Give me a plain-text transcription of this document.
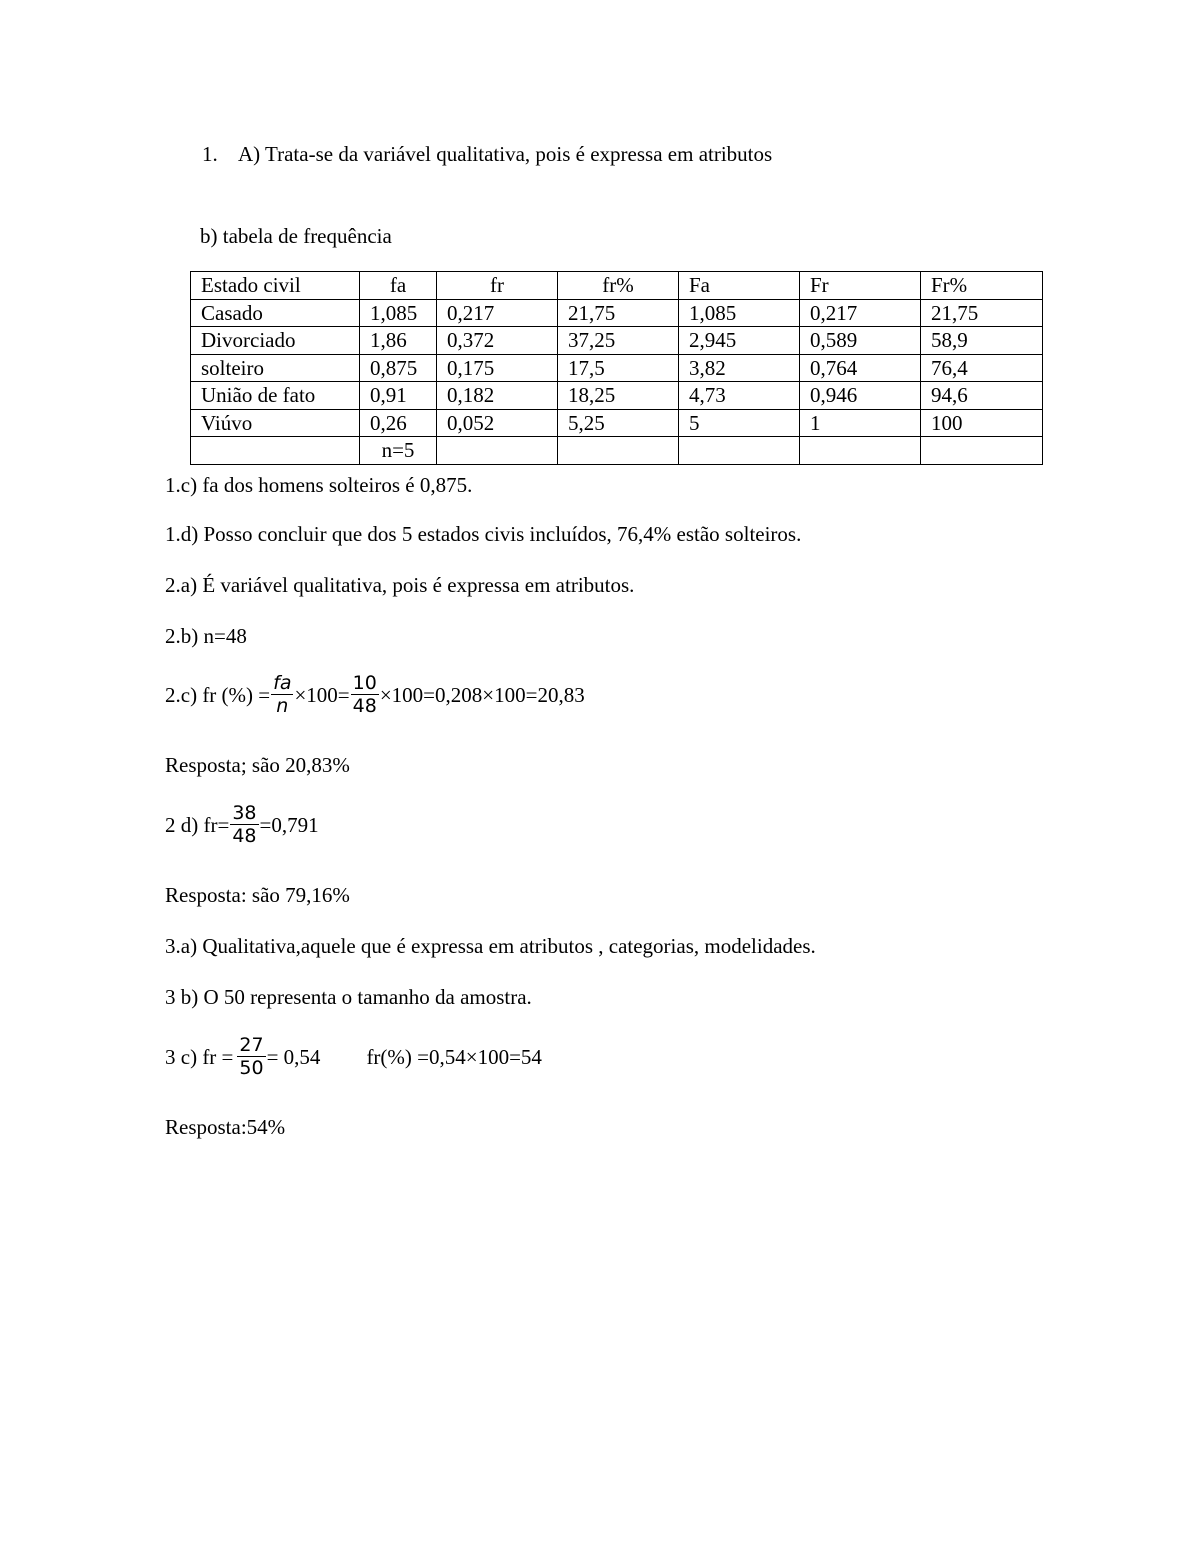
1. A) Trata-se da variável qualitativa, pois é expressa em atributos
b) tabela de frequência
Estado civil	fa	fr	fr%	Fa	Fr	Fr%
Casado	1,085	0,217	21,75	1,085	0,217	21,75
Divorciado	1,86	0,372	37,25	2,945	0,589	58,9
solteiro	0,875	0,175	17,5	3,82	0,764	76,4
União de fato	0,91	0,182	18,25	4,73	0,946	94,6
Viúvo	0,26	0,052	5,25	5	1	100
	n=5					
1.c) fa dos homens solteiros é 0,875.
1.d) Posso concluir que dos 5 estados civis incluídos, 76,4% estão solteiros.
2.a) É variável qualitativa, pois é expressa em atributos.
2.b) n=48
2.c) fr (%) = $\frac{fa}{n} \times 100= \frac{10}{48} \times 100=0,208\times 100=20,83$
Resposta; são 20,83%
2 d) $fr= \frac{38}{48} =0,791$
Resposta: são 79,16%
3.a) Qualitativa,aquele que é expressa em atributos , categorias, modelidades.
3 b) O 50 representa o tamanho da amostra.
3 c) fr = $\frac{27}{50} = 0,54$ fr(%) =0,54×100=54
Resposta:54%
